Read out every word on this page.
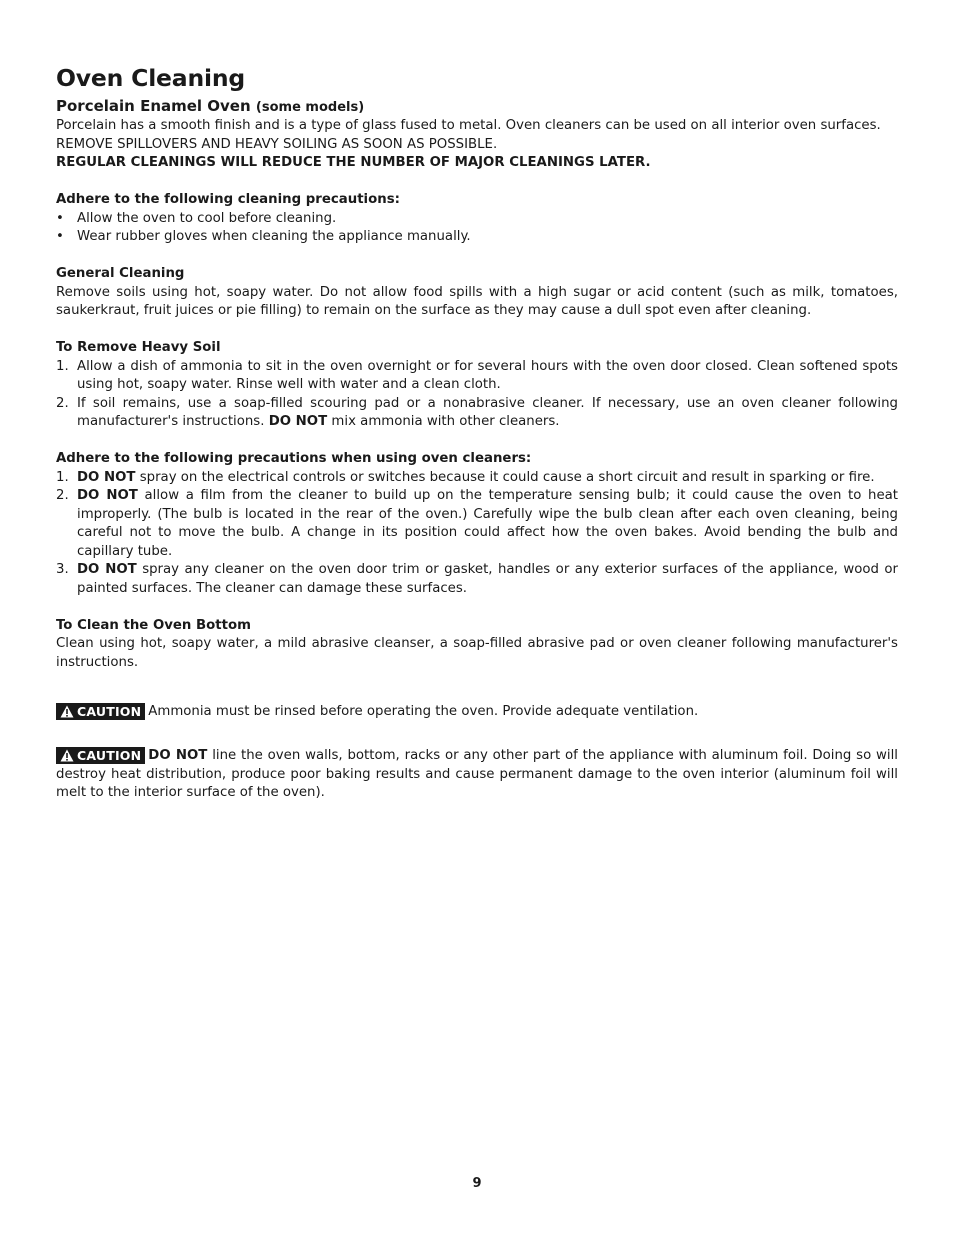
Oven Cleaning
Porcelain Enamel Oven (some models)

Porcelain has a smooth finish and is a type of glass fused to metal. Oven cleaners can be used on all interior oven surfaces.

REMOVE SPILLOVERS AND HEAVY SOILING AS SOON AS POSSIBLE.

REGULAR CLEANINGS WILL REDUCE THE NUMBER OF MAJOR CLEANINGS LATER.

Adhere to the following cleaning precautions:

• Allow the oven to cool before cleaning.
• Wear rubber gloves when cleaning the appliance manually.

General Cleaning

Remove soils using hot, soapy water. Do not allow food spills with a high sugar or acid content (such as milk, tomatoes, saukerkraut, fruit juices or pie filling) to remain on the surface as they may cause a dull spot even after cleaning.

To Remove Heavy Soil

1. Allow a dish of ammonia to sit in the oven overnight or for several hours with the oven door closed. Clean softened spots using hot, soapy water. Rinse well with water and a clean cloth.
2. If soil remains, use a soap-filled scouring pad or a nonabrasive cleaner. If necessary, use an oven cleaner following manufacturer's instructions. DO NOT mix ammonia with other cleaners.

Adhere to the following precautions when using oven cleaners:

1. DO NOT spray on the electrical controls or switches because it could cause a short circuit and result in sparking or fire.
2. DO NOT allow a film from the cleaner to build up on the temperature sensing bulb; it could cause the oven to heat improperly. (The bulb is located in the rear of the oven.) Carefully wipe the bulb clean after each oven cleaning, being careful not to move the bulb. A change in its position could affect how the oven bakes. Avoid bending the bulb and capillary tube.
3. DO NOT spray any cleaner on the oven door trim or gasket, handles or any exterior surfaces of the appliance, wood or painted surfaces. The cleaner can damage these surfaces.

To Clean the Oven Bottom

Clean using hot, soapy water, a mild abrasive cleanser, a soap-filled abrasive pad or oven cleaner following manufacturer's instructions.

CAUTION Ammonia must be rinsed before operating the oven. Provide adequate ventilation.
CAUTION DO NOT line the oven walls, bottom, racks or any other part of the appliance with aluminum foil. Doing so will destroy heat distribution, produce poor baking results and cause permanent damage to the oven interior (aluminum foil will melt to the interior surface of the oven).
9
